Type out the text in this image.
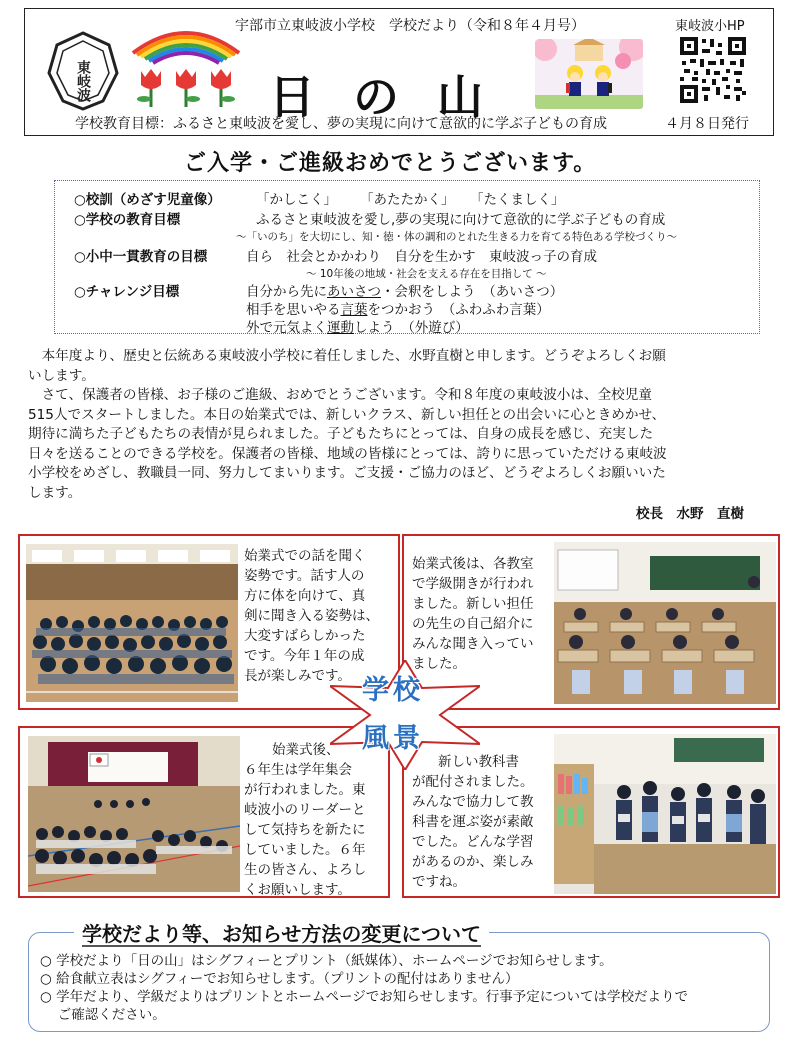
東岐波
宇部市立東岐波小学校　学校だより（令和８年４月号）
日の山
東岐波小HP
学校教育目標：ふるさと東岐波を愛し、夢の実現に向けて意欲的に学ぶ子どもの育成	４月８日発行
ご入学・ご進級おめでとうございます。
○校訓（めざす児童像）	「かしこく」 「あたたかく」 「たくましく」
○学校の教育目標	ふるさと東岐波を愛し,夢の実現に向けて意欲的に学ぶ子どもの育成
～「いのち」を大切にし、知・徳・体の調和のとれた生きる力を育てる特色ある学校づくり～
○小中一貫教育の目標	自ら　社会とかかわり　自分を生かす　東岐波っ子の育成
～ 10年後の地域・社会を支える存在を目指して ～
○チャレンジ目標	自分から先にあいさつ・会釈をしよう　（あいさつ）
相手を思いやる言葉をつかおう　（ふわふわ言葉）
外で元気よく運動しよう　（外遊び）
　本年度より、歴史と伝統ある東岐波小学校に着任しました、水野直樹と申します。どうぞよろしくお願
いします。
　さて、保護者の皆様、お子様のご進級、おめでとうございます。令和８年度の東岐波小は、全校児童
515人でスタートしました。本日の始業式では、新しいクラス、新しい担任との出会いに心ときめかせ、
期待に満ちた子どもたちの表情が見られました。子どもたちにとっては、自身の成長を感じ、充実した
日々を送ることのできる学校を。保護者の皆様、地域の皆様にとっては、誇りに思っていただける東岐波
小学校をめざし、教職員一同、努力してまいります。ご支援・ご協力のほど、どうぞよろしくお願いいた
します。
校長　水野　直樹
始業式での話を聞く
姿勢です。話す人の
方に体を向けて、真
剣に聞き入る姿勢は、
大変すばらしかった
です。今年１年の成
長が楽しみです。
始業式後は、各教室
で学級開きが行われ
ました。新しい担任
の先生の自己紹介に
みんな聞き入ってい
ました。
始業式後、
６年生は学年集会
が行われました。東
岐波小のリーダーと
して気持ちを新たに
していました。６年
生の皆さん、よろし
くお願いします。
新しい教科書
が配付されました。
みんなで協力して教
科書を運ぶ姿が素敵
でした。どんな学習
があるのか、楽しみ
ですね。
学校
風景
学校だより等、お知らせ方法の変更について
○ 学校だより「日の山」はシグフィーとプリント（紙媒体）、ホームページでお知らせします。
○ 給食献立表はシグフィーでお知らせします。（プリントの配付はありません）
○ 学年だより、学級だよりはプリントとホームページでお知らせします。行事予定については学校だよりで
　 ご確認ください。
